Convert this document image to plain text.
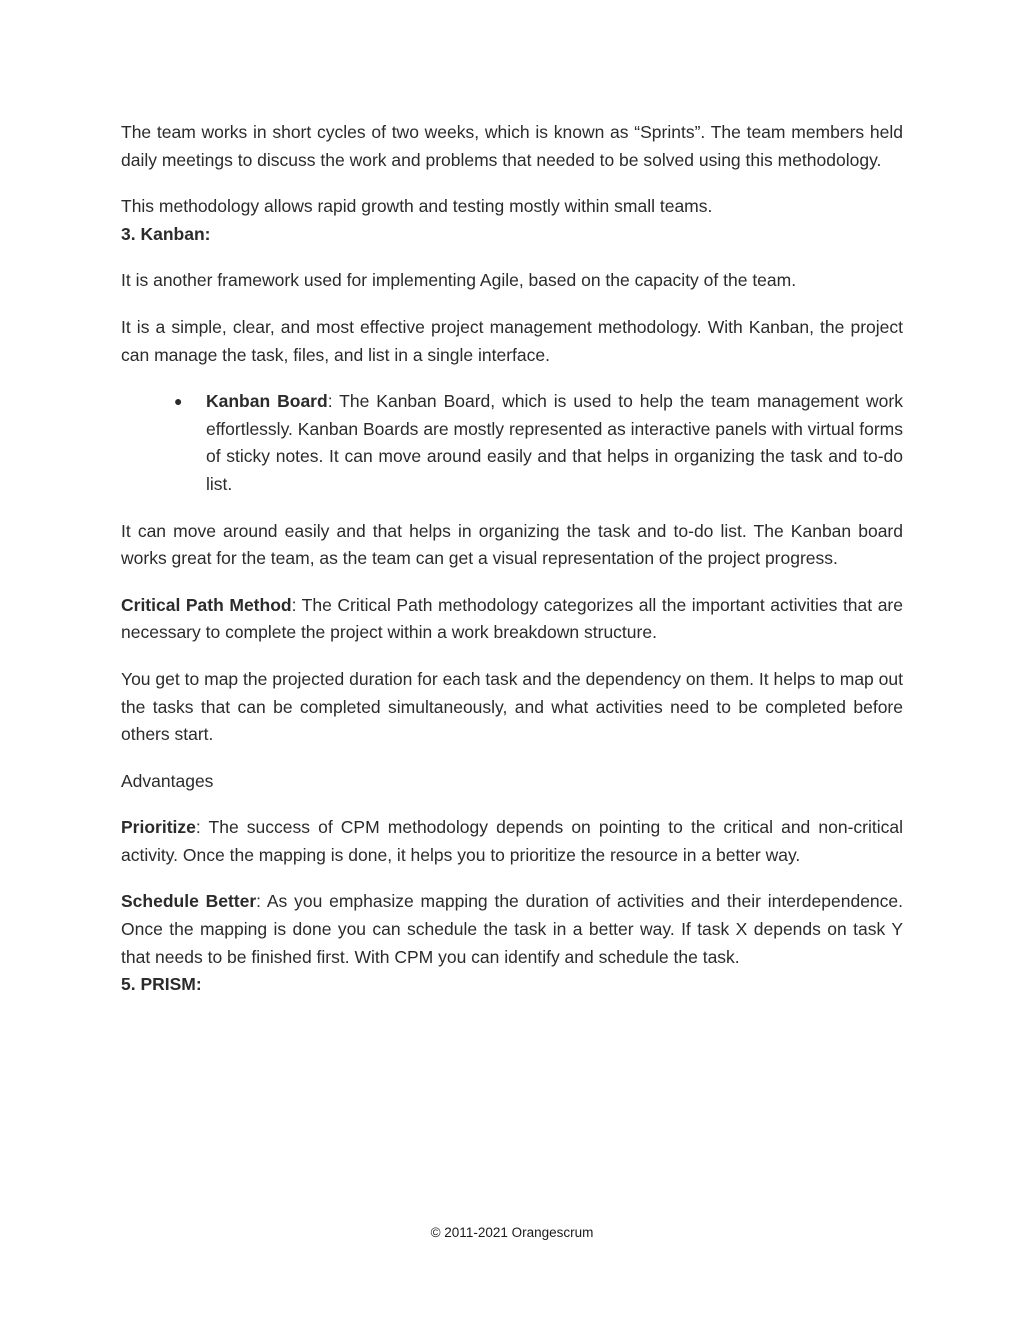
The team works in short cycles of two weeks, which is known as “Sprints”. The team members held daily meetings to discuss the work and problems that needed to be solved using this methodology.

This methodology allows rapid growth and testing mostly within small teams.

3. Kanban:

It is another framework used for implementing Agile, based on the capacity of the team.

It is a simple, clear, and most effective project management methodology. With Kanban, the project can manage the task, files, and list in a single interface.

● Kanban Board: The Kanban Board, which is used to help the team management work effortlessly. Kanban Boards are mostly represented as interactive panels with virtual forms of sticky notes. It can move around easily and that helps in organizing the task and to-do list.

It can move around easily and that helps in organizing the task and to-do list. The Kanban board works great for the team, as the team can get a visual representation of the project progress.

Critical Path Method: The Critical Path methodology categorizes all the important activities that are necessary to complete the project within a work breakdown structure.

You get to map the projected duration for each task and the dependency on them. It helps to map out the tasks that can be completed simultaneously, and what activities need to be completed before others start.

Advantages

Prioritize: The success of CPM methodology depends on pointing to the critical and non-critical activity. Once the mapping is done, it helps you to prioritize the resource in a better way.

Schedule Better: As you emphasize mapping the duration of activities and their interdependence. Once the mapping is done you can schedule the task in a better way. If task X depends on task Y that needs to be finished first. With CPM you can identify and schedule the task.

5. PRISM:

© 2011-2021 Orangescrum
